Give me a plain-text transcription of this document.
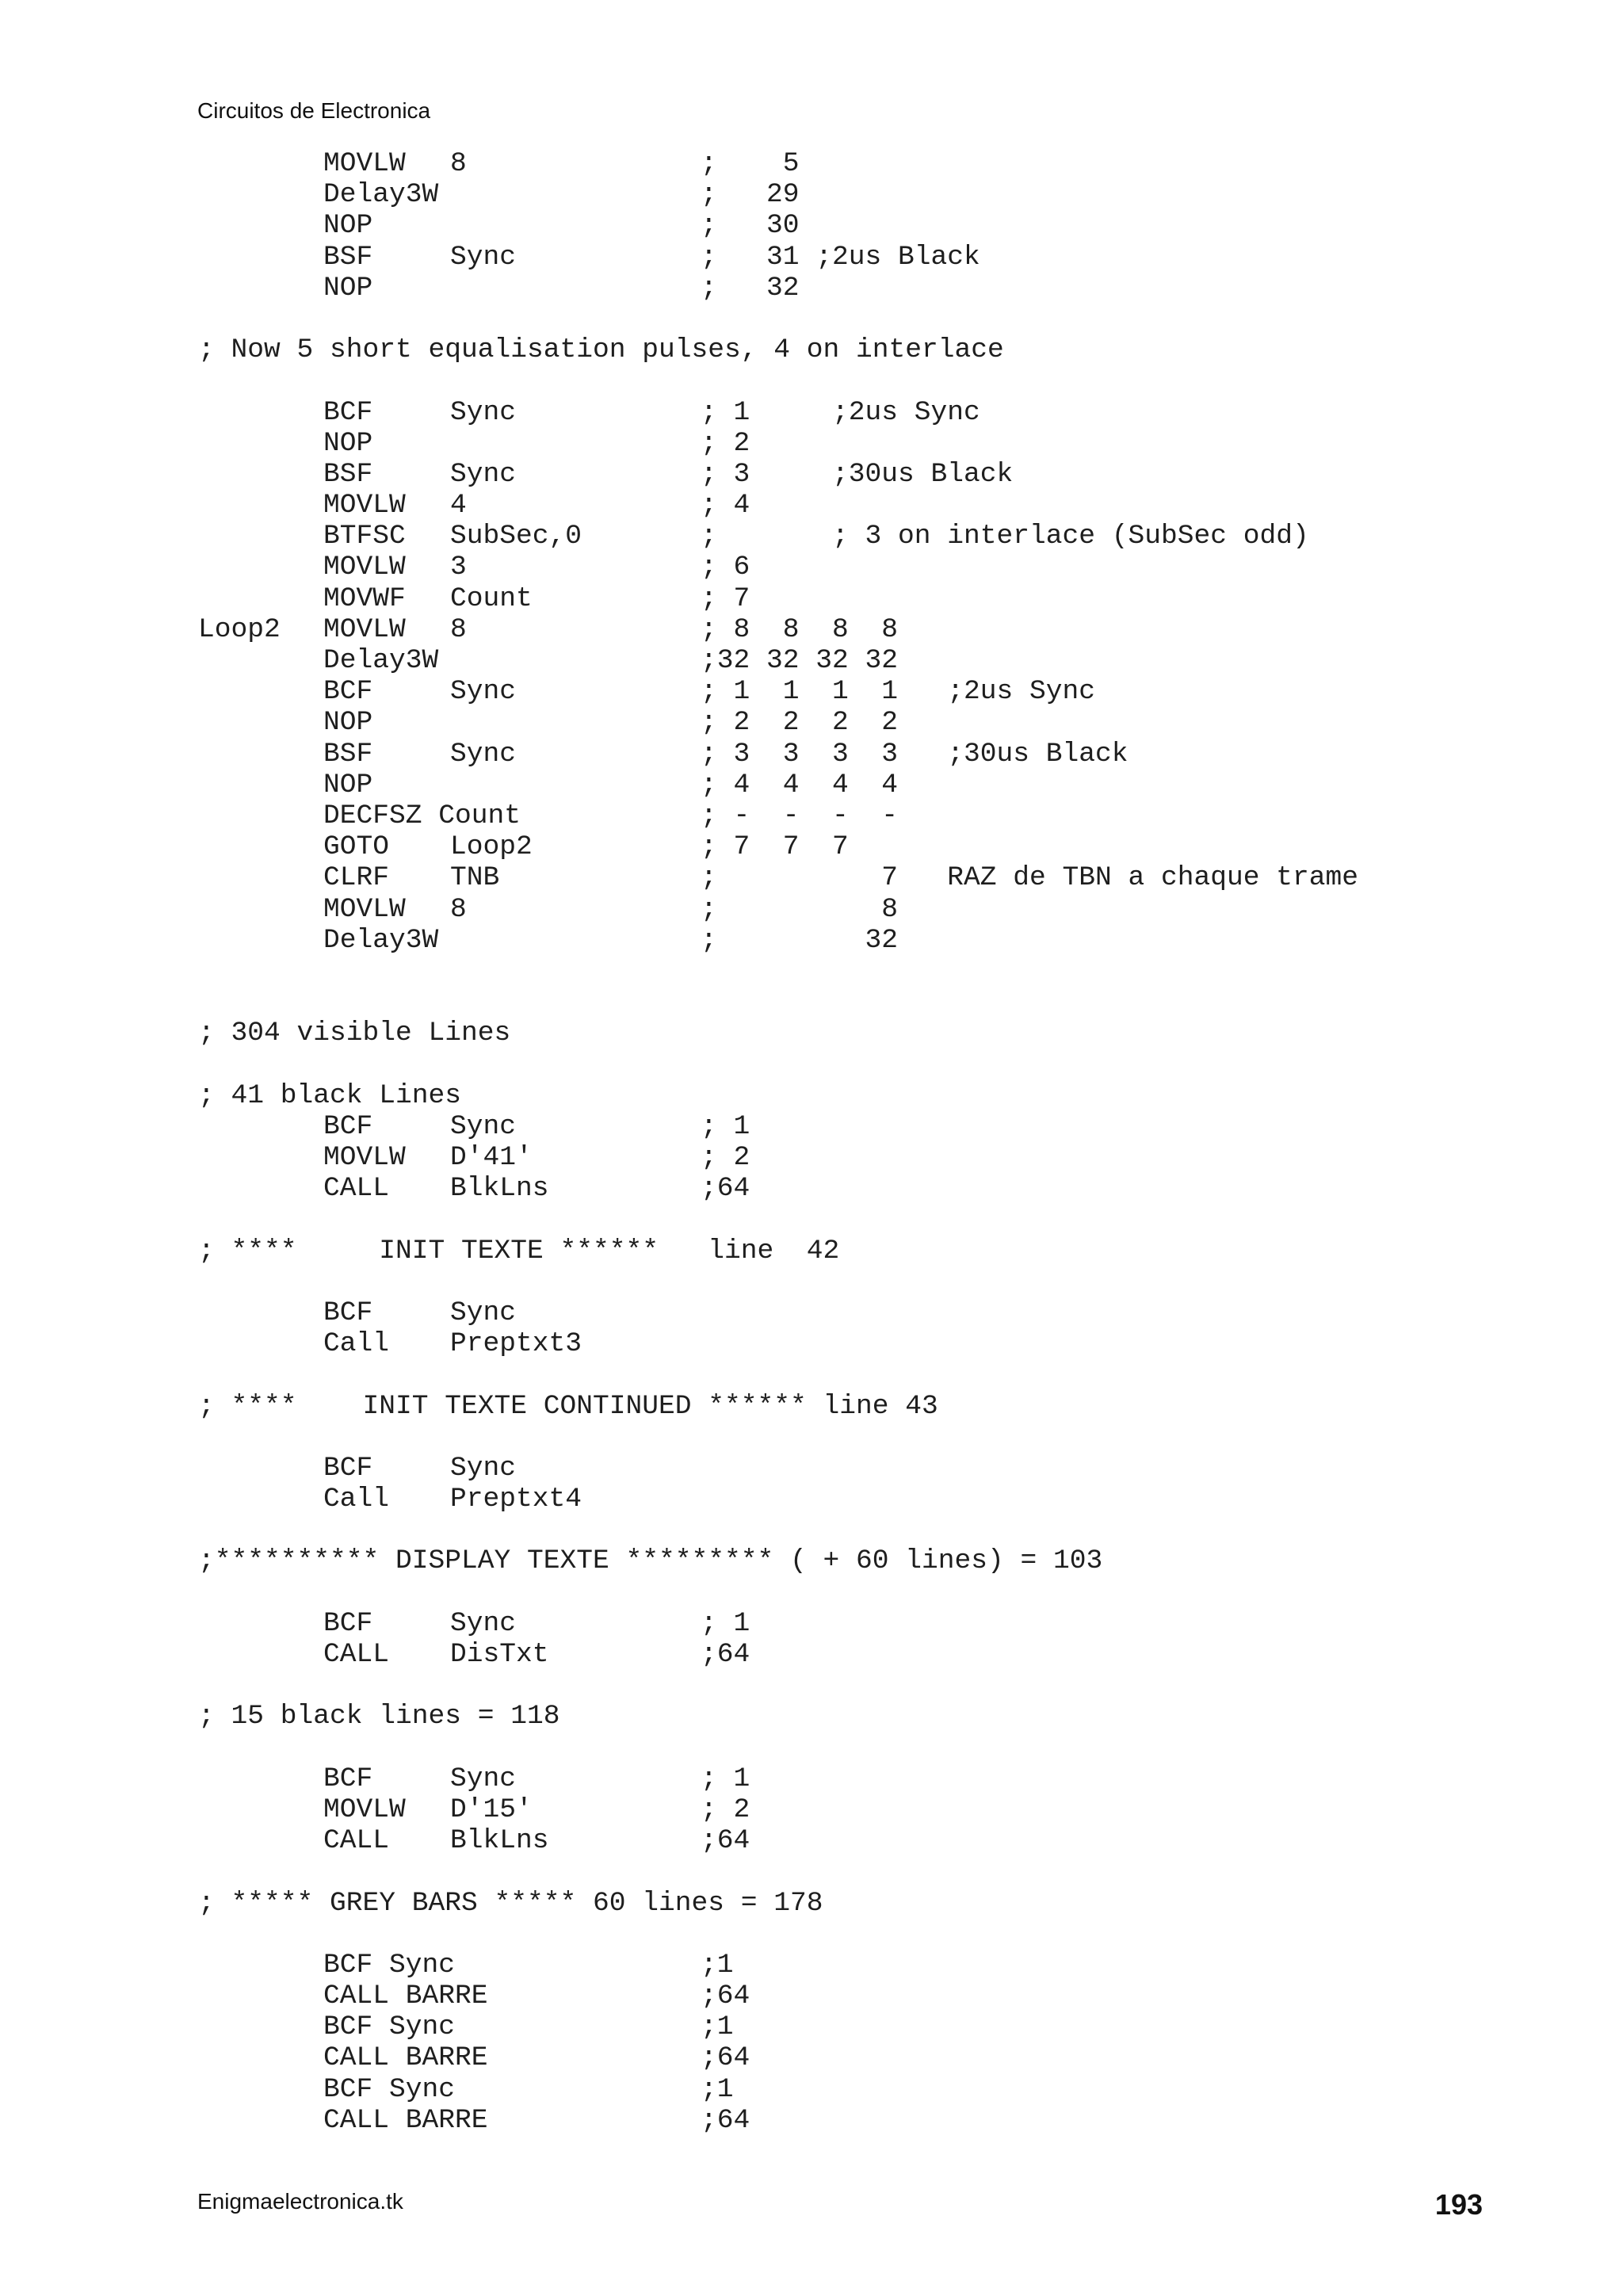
Circuitos de Electronica
MOVLW 8	;    5
Delay3W	;   29
NOP	;   30
BSF	Sync	;   31 ;2us Black
NOP	;   32
; Now 5 short equalisation pulses, 4 on interlace
BCF	Sync	; 1     ;2us Sync
NOP	; 2
BSF	Sync	; 3     ;30us Black
MOVLW 4	; 4
BTFSC SubSec,0	;       ; 3 on interlace (SubSec odd)
MOVLW 3	; 6
MOVWF Count	; 7
Loop2 MOVLW 8	; 8  8  8  8
Delay3W	;32 32 32 32
BCF	Sync	; 1  1  1  1   ;2us Sync
NOP	; 2  2  2  2
BSF	Sync	; 3  3  3  3   ;30us Black
NOP	; 4  4  4  4
DECFSZ Count	; -  -  -  -
GOTO Loop2	; 7  7  7
CLRF TNB	;          7   RAZ de TBN a chaque trame
MOVLW 8	;          8
Delay3W	;         32
; 304 visible Lines
; 41 black Lines
BCF	Sync	; 1
MOVLW D'41'	; 2
CALL BlkLns	;64
; ****     INIT TEXTE ******   line  42
BCF	Sync
Call Preptxt3
; ****    INIT TEXTE CONTINUED ****** line 43
BCF	Sync
Call Preptxt4
;********** DISPLAY TEXTE ********* ( + 60 lines) = 103
BCF	Sync	; 1
CALL DisTxt	;64
; 15 black lines = 118
BCF	Sync	; 1
MOVLW D'15'	; 2
CALL BlkLns	;64
; ***** GREY BARS ***** 60 lines = 178
BCF Sync	;1
CALL BARRE	;64
BCF Sync	;1
CALL BARRE	;64
BCF Sync	;1
CALL BARRE	;64
Enigmaelectronica.tk	193
